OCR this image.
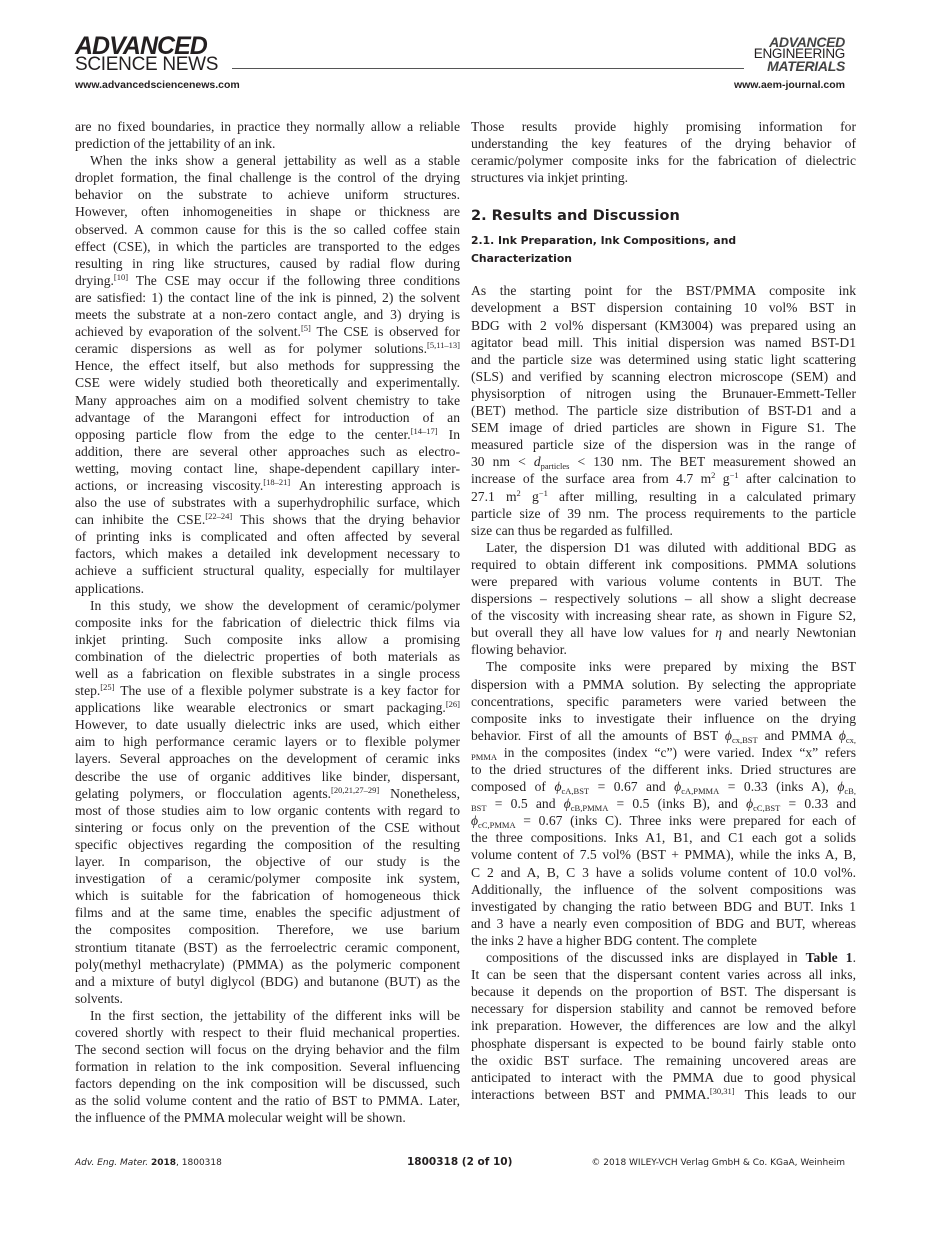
ADVANCED
SCIENCE NEWS
www.advancedsciencenews.com
ADVANCED
ENGINEERING
MATERIALS
www.aem-journal.com
are no fixed boundaries, in practice they normally allow a reliable
prediction of the jettability of an ink.
When the inks show a general jettability as well as a stable
droplet formation, the final challenge is the control of the drying
behavior on the substrate to achieve uniform structures.
However, often inhomogeneities in shape or thickness are
observed. A common cause for this is the so called coffee stain
effect (CSE), in which the particles are transported to the edges
resulting in ring like structures, caused by radial flow during
drying.[10] The CSE may occur if the following three conditions
are satisfied: 1) the contact line of the ink is pinned, 2) the solvent
meets the substrate at a non-zero contact angle, and 3) drying is
achieved by evaporation of the solvent.[5] The CSE is observed for
ceramic dispersions as well as for polymer solutions.[5,11–13]
Hence, the effect itself, but also methods for suppressing the
CSE were widely studied both theoretically and experimentally.
Many approaches aim on a modified solvent chemistry to take
advantage of the Marangoni effect for introduction of an
opposing particle flow from the edge to the center.[14–17] In
addition, there are several other approaches such as electro-
wetting, moving contact line, shape-dependent capillary inter-
actions, or increasing viscosity.[18–21] An interesting approach is
also the use of substrates with a superhydrophilic surface, which
can inhibite the CSE.[22–24] This shows that the drying behavior
of printing inks is complicated and often affected by several
factors, which makes a detailed ink development necessary to
achieve a sufficient structural quality, especially for multilayer
applications.
In this study, we show the development of ceramic/polymer
composite inks for the fabrication of dielectric thick films via
inkjet printing. Such composite inks allow a promising
combination of the dielectric properties of both materials as
well as a fabrication on flexible substrates in a single process
step.[25] The use of a flexible polymer substrate is a key factor for
applications like wearable electronics or smart packaging.[26]
However, to date usually dielectric inks are used, which either
aim to high performance ceramic layers or to flexible polymer
layers. Several approaches on the development of ceramic inks
describe the use of organic additives like binder, dispersant,
gelating polymers, or flocculation agents.[20,21,27–29] Nonetheless,
most of those studies aim to low organic contents with regard to
sintering or focus only on the prevention of the CSE without
specific objectives regarding the composition of the resulting
layer. In comparison, the objective of our study is the
investigation of a ceramic/polymer composite ink system,
which is suitable for the fabrication of homogeneous thick
films and at the same time, enables the specific adjustment of
the composites composition. Therefore, we use barium
strontium titanate (BST) as the ferroelectric ceramic component,
poly(methyl methacrylate) (PMMA) as the polymeric component
and a mixture of butyl diglycol (BDG) and butanone (BUT) as the
solvents.
In the first section, the jettability of the different inks will be
covered shortly with respect to their fluid mechanical properties.
The second section will focus on the drying behavior and the film
formation in relation to the ink composition. Several influencing
factors depending on the ink composition will be discussed, such
as the solid volume content and the ratio of BST to PMMA. Later,
the influence of the PMMA molecular weight will be shown.
Those results provide highly promising information for
understanding the key features of the drying behavior of
ceramic/polymer composite inks for the fabrication of dielectric
structures via inkjet printing.
2. Results and Discussion
2.1. Ink Preparation, Ink Compositions, and
Characterization
As the starting point for the BST/PMMA composite ink
development a BST dispersion containing 10 vol% BST in
BDG with 2 vol% dispersant (KM3004) was prepared using an
agitator bead mill. This initial dispersion was named BST-D1
and the particle size was determined using static light scattering
(SLS) and verified by scanning electron microscope (SEM) and
physisorption of nitrogen using the Brunauer-Emmett-Teller
(BET) method. The particle size distribution of BST-D1 and a
SEM image of dried particles are shown in Figure S1. The
measured particle size of the dispersion was in the range of
30 nm < $d_{particles} < 130$ nm. The BET measurement showed an
increase of the surface area from 4.7 $m^2$ $g^{-1}$ after calcination to
27.1 $m^2$ $g^{-1}$ after milling, resulting in a calculated primary
particle size of 39 nm. The process requirements to the particle
size can thus be regarded as fulfilled.
Later, the dispersion D1 was diluted with additional BDG as
required to obtain different ink compositions. PMMA solutions
were prepared with various volume contents in BUT. The
dispersions – respectively solutions – all show a slight decrease
of the viscosity with increasing shear rate, as shown in Figure S2,
but overall they all have low values for η and nearly Newtonian
flowing behavior.
The composite inks were prepared by mixing the BST
dispersion with a PMMA solution. By selecting the appropriate
concentrations, specific parameters were varied between the
composite inks to investigate their influence on the drying
behavior. First of all the amounts of BST $\phi_{cx,BST}$ and PMMA $\phi_{cx,}$
$_{PMMA}$ in the composites (index “c”) were varied. Index “x” refers
to the dried structures of the different inks. Dried structures are
composed of $\phi_{cA,BST} = 0.67$ and $\phi_{cA,PMMA} = 0.33$ (inks A), $\phi_{cB,}$
$_{BST}$ = 0.5 and $\phi_{cB,PMMA} = 0.5$ (inks B), and $\phi_{cC,BST} = 0.33$ and
$\phi_{cC,PMMA} = 0.67$ (inks C). Three inks were prepared for each of
the three compositions. Inks A1, B1, and C1 each got a solids
volume content of 7.5 vol% (BST + PMMA), while the inks A, B,
C 2 and A, B, C 3 have a solids volume content of 10.0 vol%.
Additionally, the influence of the solvent compositions was
investigated by changing the ratio between BDG and BUT. Inks 1
and 3 have a nearly even composition of BDG and BUT, whereas
the inks 2 have a higher BDG content. The complete
compositions of the discussed inks are displayed in Table 1.
It can be seen that the dispersant content varies across all inks,
because it depends on the proportion of BST. The dispersant is
necessary for dispersion stability and cannot be removed before
ink preparation. However, the differences are low and the alkyl
phosphate dispersant is expected to be bound fairly stable onto
the oxidic BST surface. The remaining uncovered areas are
anticipated to interact with the PMMA due to good physical
interactions between BST and PMMA.[30,31] This leads to our
Adv. Eng. Mater. 2018, 1800318	1800318 (2 of 10)	© 2018 WILEY-VCH Verlag GmbH & Co. KGaA, Weinheim
